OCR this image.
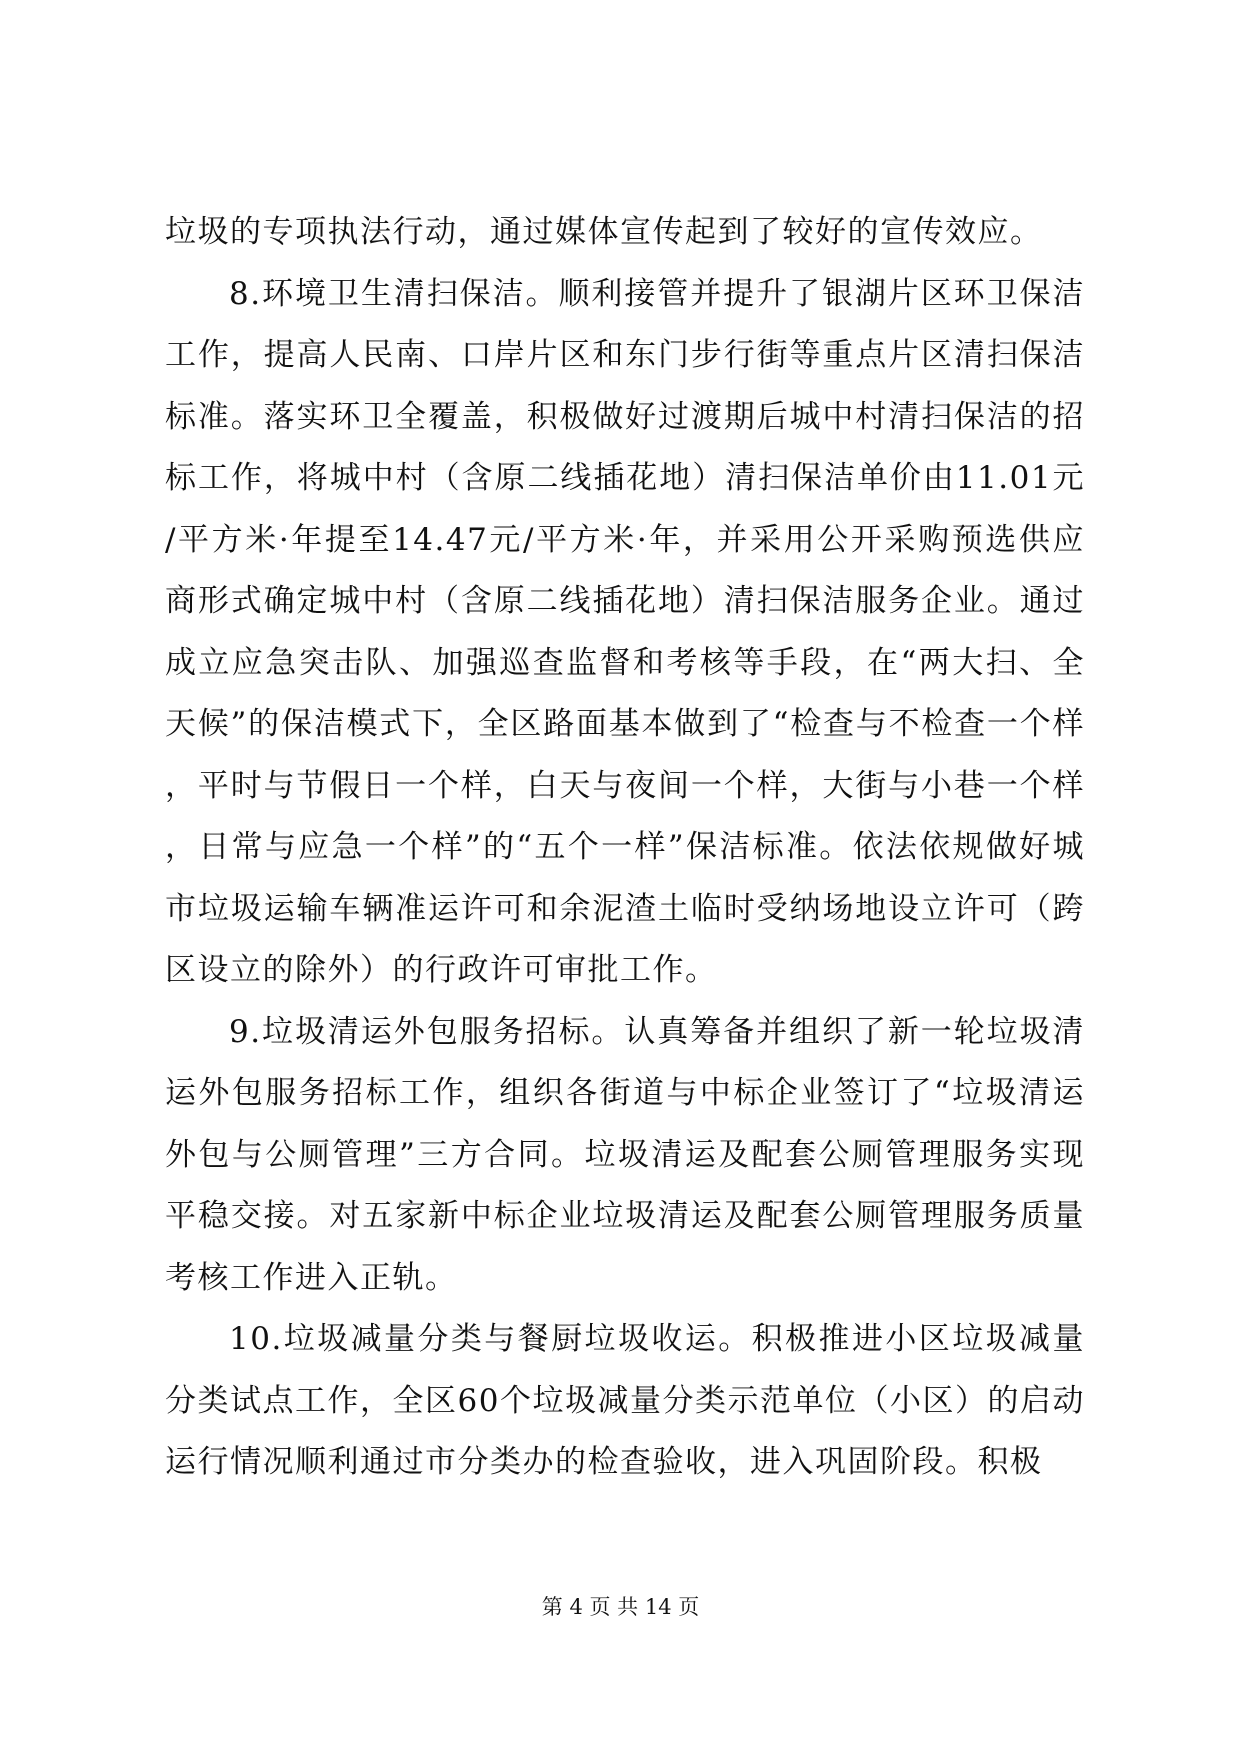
垃圾的专项执法行动，通过媒体宣传起到了较好的宣传效应。

8.环境卫生清扫保洁。顺利接管并提升了银湖片区环卫保洁工作，提高人民南、口岸片区和东门步行街等重点片区清扫保洁标准。落实环卫全覆盖，积极做好过渡期后城中村清扫保洁的招标工作，将城中村（含原二线插花地）清扫保洁单价由11.01元/平方米·年提至14.47元/平方米·年，并采用公开采购预选供应商形式确定城中村（含原二线插花地）清扫保洁服务企业。通过成立应急突击队、加强巡查监督和考核等手段，在“两大扫、全天候”的保洁模式下，全区路面基本做到了“检查与不检查一个样，平时与节假日一个样，白天与夜间一个样，大街与小巷一个样，日常与应急一个样”的“五个一样”保洁标准。依法依规做好城市垃圾运输车辆准运许可和余泥渣土临时受纳场地设立许可（跨区设立的除外）的行政许可审批工作。

9.垃圾清运外包服务招标。认真筹备并组织了新一轮垃圾清运外包服务招标工作，组织各街道与中标企业签订了“垃圾清运外包与公厕管理”三方合同。垃圾清运及配套公厕管理服务实现平稳交接。对五家新中标企业垃圾清运及配套公厕管理服务质量考核工作进入正轨。

10.垃圾减量分类与餐厨垃圾收运。积极推进小区垃圾减量分类试点工作，全区60个垃圾减量分类示范单位（小区）的启动运行情况顺利通过市分类办的检查验收，进入巩固阶段。积极

第 4 页 共 14 页
